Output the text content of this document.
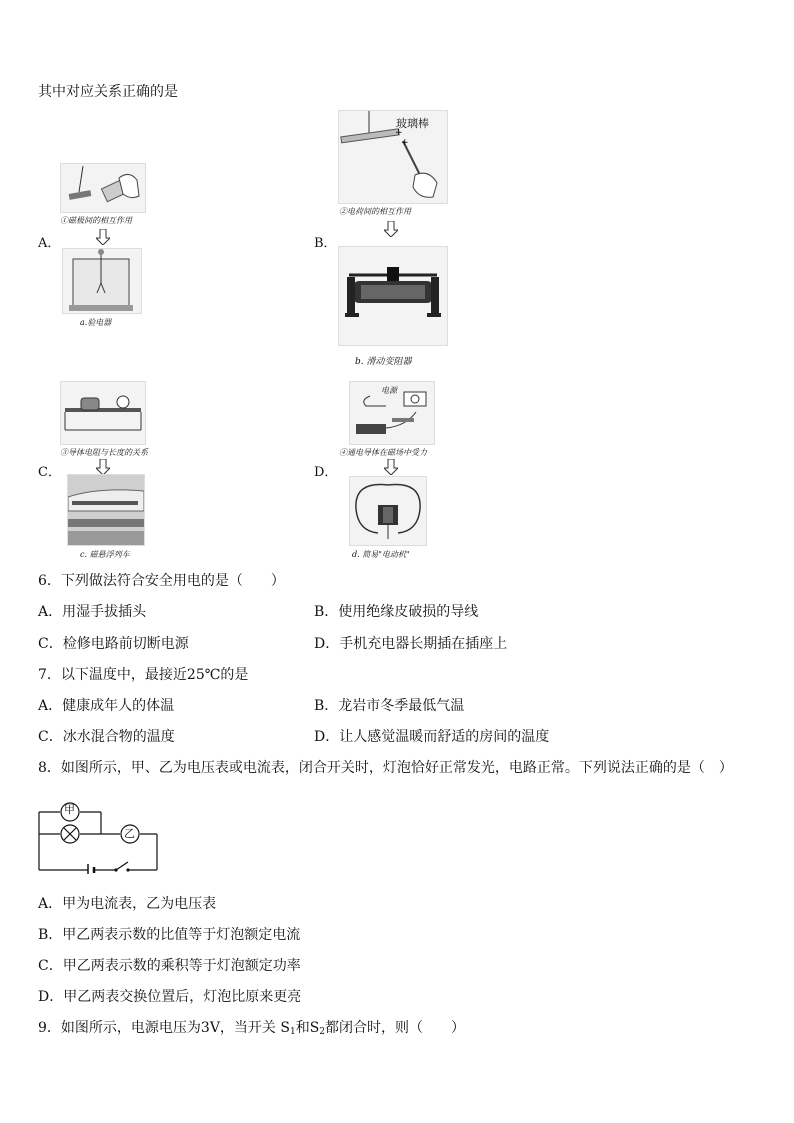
其中对应关系正确的是
①磁极间的相互作用
A．
a.验电器
+
+
玻璃棒
②电荷间的相互作用
B．
b. 滑动变阻器
③导体电阻与长度的关系
C．
c. 磁悬浮列车
电源
④通电导体在磁场中受力
D．
d. 简易"电动机"
6．下列做法符合安全用电的是（　　）
A．用湿手拔插头	B．使用绝缘皮破损的导线
C．检修电路前切断电源	D．手机充电器长期插在插座上
7．以下温度中，最接近25℃的是
A．健康成年人的体温	B．龙岩市冬季最低气温
C．冰水混合物的温度	D．让人感觉温暖而舒适的房间的温度
8．如图所示，甲、乙为电压表或电流表，闭合开关时，灯泡恰好正常发光，电路正常。下列说法正确的是（　）
甲
乙
A．甲为电流表，乙为电压表
B．甲乙两表示数的比值等于灯泡额定电流
C．甲乙两表示数的乘积等于灯泡额定功率
D．甲乙两表交换位置后，灯泡比原来更亮
9．如图所示，电源电压为3V，当开关 $S_1$和$S_2$都闭合时，则（　　）
